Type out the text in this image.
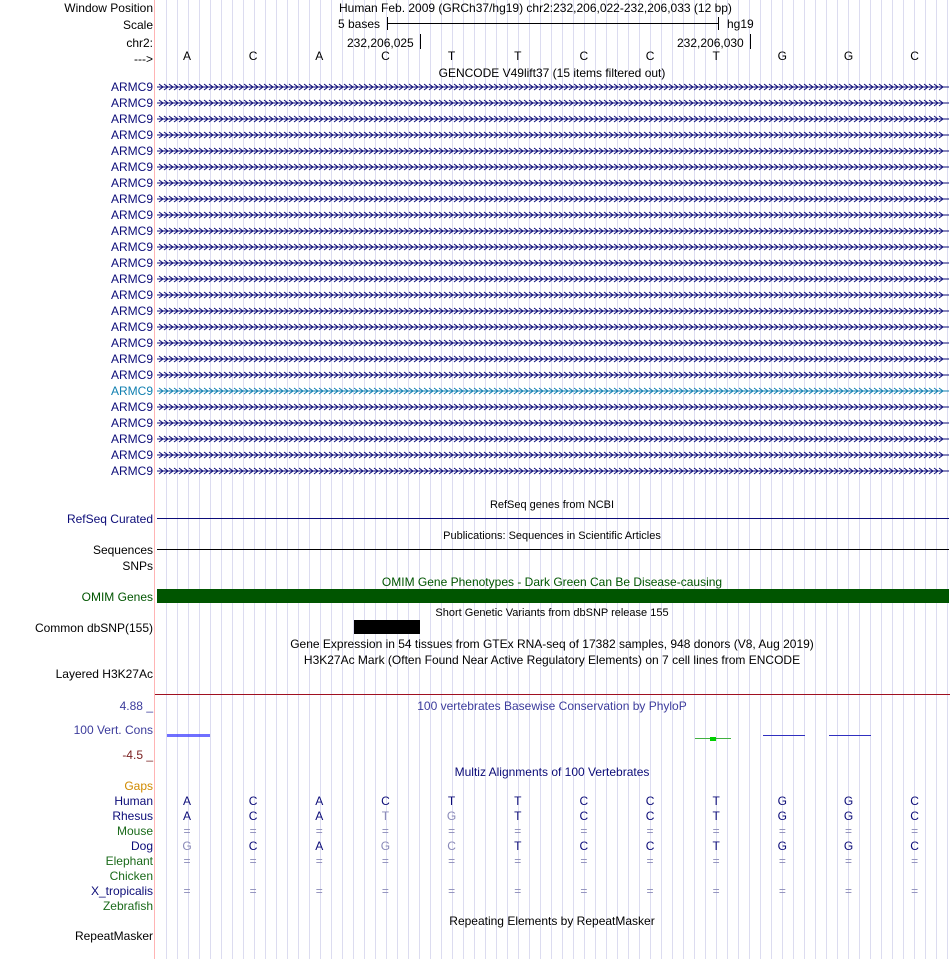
Window Position	Human Feb. 2009 (GRCh37/hg19) chr2:232,206,022-232,206,033 (12 bp)
Scale	5 bases	hg19
chr2:	232,206,025	232,206,030
--->	A	C	A	C	T	T	C	C	T	G	G	C
GENCODE V49lift37 (15 items filtered out)
ARMC9
ARMC9
ARMC9
ARMC9
ARMC9
ARMC9
ARMC9
ARMC9
ARMC9
ARMC9
ARMC9
ARMC9
ARMC9
ARMC9
ARMC9
ARMC9
ARMC9
ARMC9
ARMC9
ARMC9
ARMC9
ARMC9
ARMC9
ARMC9
ARMC9
RefSeq genes from NCBI
RefSeq Curated
Publications: Sequences in Scientific Articles
Sequences
SNPs
OMIM Gene Phenotypes - Dark Green Can Be Disease-causing
OMIM Genes
Short Genetic Variants from dbSNP release 155
Common dbSNP(155)
Gene Expression in 54 tissues from GTEx RNA-seq of 17382 samples, 948 donors (V8, Aug 2019)
H3K27Ac Mark (Often Found Near Active Regulatory Elements) on 7 cell lines from ENCODE
Layered H3K27Ac
100 vertebrates Basewise Conservation by PhyloP
4.88 _
100 Vert. Cons
-4.5 _
Multiz Alignments of 100 Vertebrates
Gaps
Human	A	C	A	C	T	T	C	C	T	G	G	C
Rhesus	A	C	A	T	G	T	C	C	T	G	G	C
Mouse	=	=	=	=	=	=	=	=	=	=	=	=
Dog	G	C	A	G	C	T	C	C	T	G	G	C
Elephant	=	=	=	=	=	=	=	=	=	=	=	=
Chicken
X_tropicalis	=	=	=	=	=	=	=	=	=	=	=	=
Zebrafish
Repeating Elements by RepeatMasker
RepeatMasker
